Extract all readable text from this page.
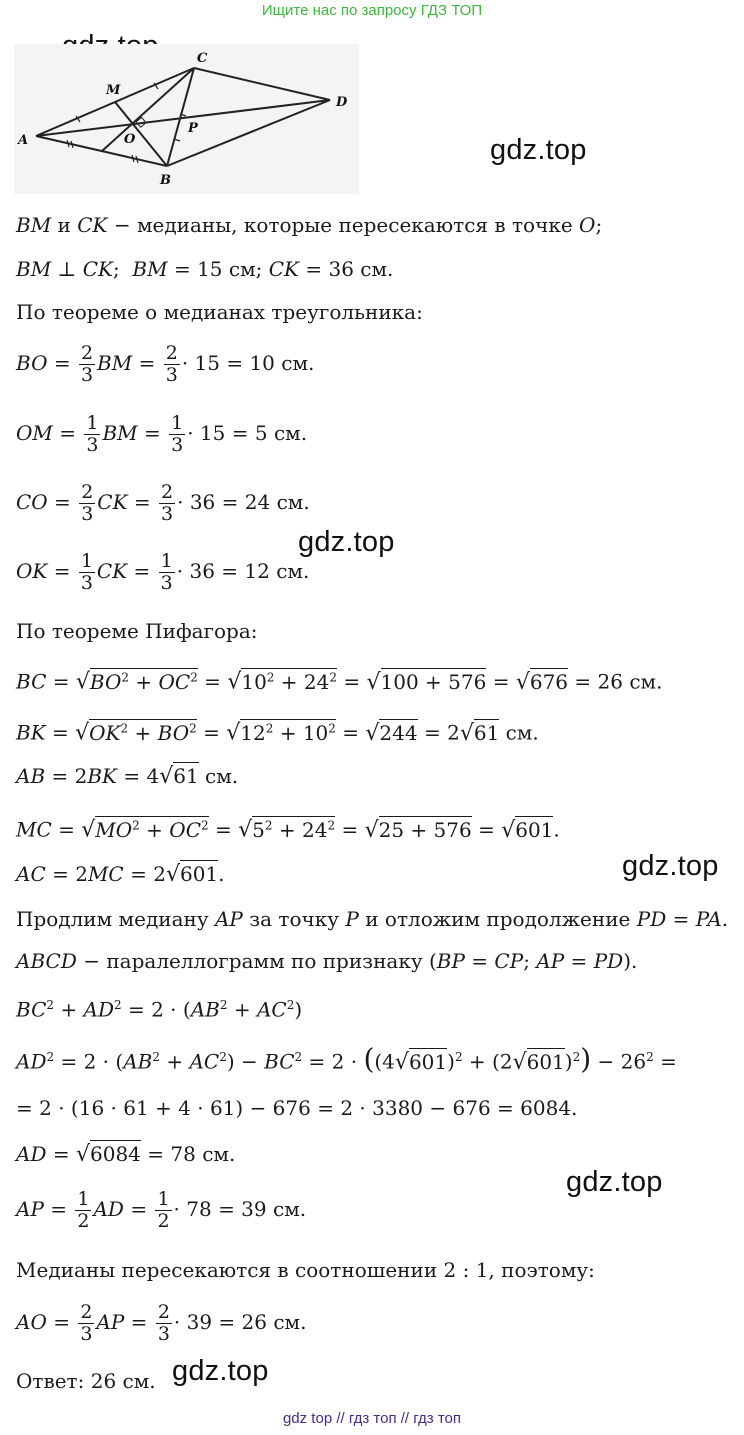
Ищите нас по запросу ГДЗ ТОП
gdz.top
gdz.top
gdz.top
gdz.top
gdz.top
A
C
D
B
M
O
P
BM и CK − медианы, которые пересекаются в точке O;
BM ⊥ CK;  BM = 15 см; CK = 36 см.
По теореме о медианах треугольника:
BO = $\frac{2}{3}$ BM = $\frac{2}{3} \cdot 15 = 10$ см.
OM = $\frac{1}{3}$ BM = $\frac{1}{3} \cdot 15 = 5$ см.
CO = $\frac{2}{3}$ CK = $\frac{2}{3} \cdot 36 = 24$ см.
OK = $\frac{1}{3}$ CK = $\frac{1}{3} \cdot 36 = 12$ см.
По теореме Пифагора:
BC = $√BO^2 + OC^2 = √10^2 + 24^2 = √100 + 576 = √676 = 26$ см.
BK = $√OK^2 + BO^2 = √12^2 + 10^2 = √244 = 2√61$ см.
AB = 2BK = 4√61 см.
MC = $√MO^2 + OC^2 = √5^2 + 24^2 = √25 + 576 = √601$.
AC = 2MC = 2√601.
Продлим медиану AP за точку P и отложим продолжение PD = PA.
ABCD − паралеллограмм по признаку (BP = CP; AP = PD).
$BC^2 + AD^2 = 2 \cdot (AB^2 + AC^2)$
$AD^2 = 2 \cdot (AB^2 + AC^2) - BC^2 = 2 \cdot ((4√601)^2 + (2√601)^2) - 26^2$ =
= 2 · (16 · 61 + 4 · 61) − 676 = 2 · 3380 − 676 = 6084.
AD = √6084 = 78 см.
AP = $\frac{1}{2}$ AD = $\frac{1}{2} \cdot 78 = 39$ см.
Медианы пересекаются в соотношении 2 : 1, поэтому:
AO = $\frac{2}{3}$ AP = $\frac{2}{3} \cdot 39 = 26$ см.
Ответ: 26 см.
gdz top // гдз топ // гдз топ
